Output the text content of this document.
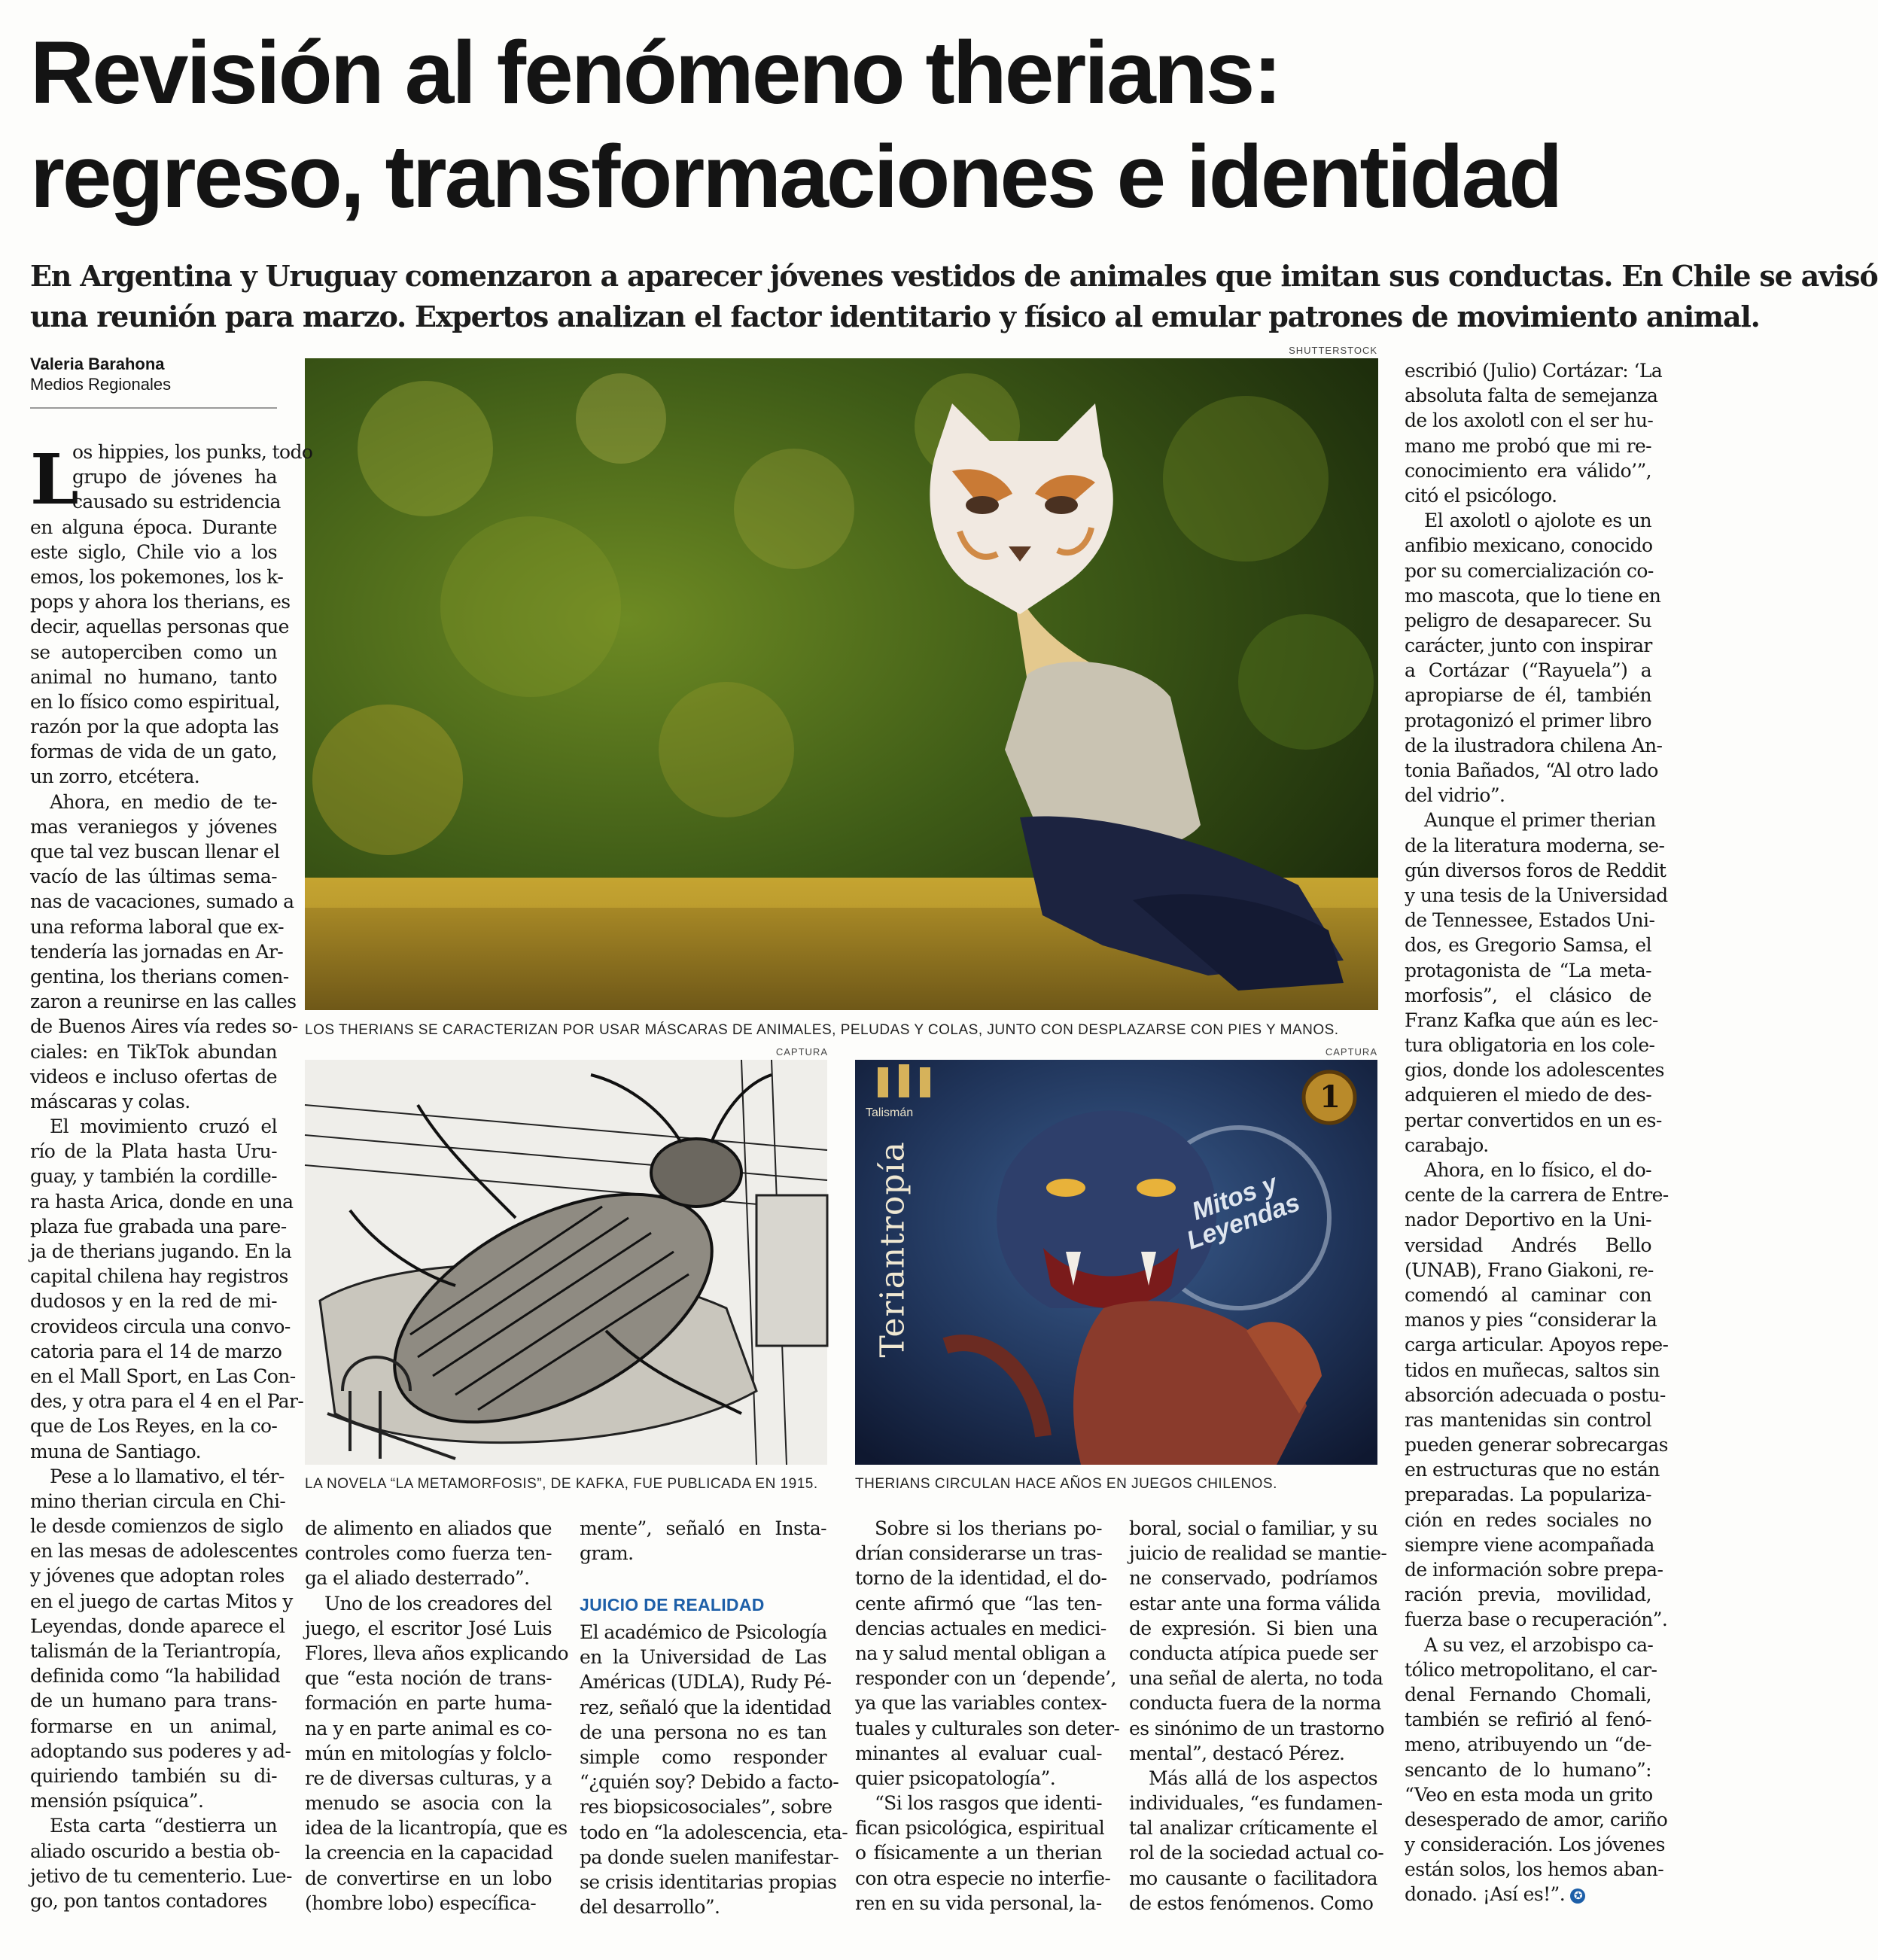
Revisión al fenómeno therians:
regreso, transformaciones e identidad
En Argentina y Uruguay comenzaron a aparecer jóvenes vestidos de animales que imitan sus conductas. En Chile se avisó
una reunión para marzo. Expertos analizan el factor identitario y físico al emular patrones de movimiento animal.
Valeria Barahona
Medios Regionales
SHUTTERSTOCK
LOS THERIANS SE CARACTERIZAN POR USAR MÁSCARAS DE ANIMALES, PELUDAS Y COLAS, JUNTO CON DESPLAZARSE CON PIES Y MANOS.
CAPTURA
LA NOVELA “LA METAMORFOSIS”, DE KAFKA, FUE PUBLICADA EN 1915.
CAPTURA
Talismán	1
Teriantropía	Mitos y Leyendas
THERIANS CIRCULAN HACE AÑOS EN JUEGOS CHILENOS.
L
os hippies, los punks, todo
grupo de jóvenes ha
causado su estridencia
en alguna época. Durante
este siglo, Chile vio a los
emos, los pokemones, los k-
pops y ahora los therians, es
decir, aquellas personas que
se autoperciben como un
animal no humano, tanto
en lo físico como espiritual,
razón por la que adopta las
formas de vida de un gato,
un zorro, etcétera.
Ahora, en medio de te-
mas veraniegos y jóvenes
que tal vez buscan llenar el
vacío de las últimas sema-
nas de vacaciones, sumado a
una reforma laboral que ex-
tendería las jornadas en Ar-
gentina, los therians comen-
zaron a reunirse en las calles
de Buenos Aires vía redes so-
ciales: en TikTok abundan
videos e incluso ofertas de
máscaras y colas.
El movimiento cruzó el
río de la Plata hasta Uru-
guay, y también la cordille-
ra hasta Arica, donde en una
plaza fue grabada una pare-
ja de therians jugando. En la
capital chilena hay registros
dudosos y en la red de mi-
crovideos circula una convo-
catoria para el 14 de marzo
en el Mall Sport, en Las Con-
des, y otra para el 4 en el Par-
que de Los Reyes, en la co-
muna de Santiago.
Pese a lo llamativo, el tér-
mino therian circula en Chi-
le desde comienzos de siglo
en las mesas de adolescentes
y jóvenes que adoptan roles
en el juego de cartas Mitos y
Leyendas, donde aparece el
talismán de la Teriantropía,
definida como “la habilidad
de un humano para trans-
formarse en un animal,
adoptando sus poderes y ad-
quiriendo también su di-
mensión psíquica”.
Esta carta “destierra un
aliado oscurido a bestia ob-
jetivo de tu cementerio. Lue-
go, pon tantos contadores
de alimento en aliados que
controles como fuerza ten-
ga el aliado desterrado”.
Uno de los creadores del
juego, el escritor José Luis
Flores, lleva años explicando
que “esta noción de trans-
formación en parte huma-
na y en parte animal es co-
mún en mitologías y folclo-
re de diversas culturas, y a
menudo se asocia con la
idea de la licantropía, que es
la creencia en la capacidad
de convertirse en un lobo
(hombre lobo) específica-
mente”, señaló en Insta-
gram.
JUICIO DE REALIDAD
El académico de Psicología
en la Universidad de Las
Américas (UDLA), Rudy Pé-
rez, señaló que la identidad
de una persona no es tan
simple como responder
“¿quién soy? Debido a facto-
res biopsicosociales”, sobre
todo en “la adolescencia, eta-
pa donde suelen manifestar-
se crisis identitarias propias
del desarrollo”.
Sobre si los therians po-
drían considerarse un tras-
torno de la identidad, el do-
cente afirmó que “las ten-
dencias actuales en medici-
na y salud mental obligan a
responder con un ‘depende’,
ya que las variables contex-
tuales y culturales son deter-
minantes al evaluar cual-
quier psicopatología”.
“Si los rasgos que identi-
fican psicológica, espiritual
o físicamente a un therian
con otra especie no interfie-
ren en su vida personal, la-
boral, social o familiar, y su
juicio de realidad se mantie-
ne conservado, podríamos
estar ante una forma válida
de expresión. Si bien una
conducta atípica puede ser
una señal de alerta, no toda
conducta fuera de la norma
es sinónimo de un trastorno
mental”, destacó Pérez.
Más allá de los aspectos
individuales, “es fundamen-
tal analizar críticamente el
rol de la sociedad actual co-
mo causante o facilitadora
de estos fenómenos. Como
escribió (Julio) Cortázar: ‘La
absoluta falta de semejanza
de los axolotl con el ser hu-
mano me probó que mi re-
conocimiento era válido’”,
citó el psicólogo.
El axolotl o ajolote es un
anfibio mexicano, conocido
por su comercialización co-
mo mascota, que lo tiene en
peligro de desaparecer. Su
carácter, junto con inspirar
a Cortázar (“Rayuela”) a
apropiarse de él, también
protagonizó el primer libro
de la ilustradora chilena An-
tonia Bañados, “Al otro lado
del vidrio”.
Aunque el primer therian
de la literatura moderna, se-
gún diversos foros de Reddit
y una tesis de la Universidad
de Tennessee, Estados Uni-
dos, es Gregorio Samsa, el
protagonista de “La meta-
morfosis”, el clásico de
Franz Kafka que aún es lec-
tura obligatoria en los cole-
gios, donde los adolescentes
adquieren el miedo de des-
pertar convertidos en un es-
carabajo.
Ahora, en lo físico, el do-
cente de la carrera de Entre-
nador Deportivo en la Uni-
versidad Andrés Bello
(UNAB), Frano Giakoni, re-
comendó al caminar con
manos y pies “considerar la
carga articular. Apoyos repe-
tidos en muñecas, saltos sin
absorción adecuada o postu-
ras mantenidas sin control
pueden generar sobrecargas
en estructuras que no están
preparadas. La populariza-
ción en redes sociales no
siempre viene acompañada
de información sobre prepa-
ración previa, movilidad,
fuerza base o recuperación”.
A su vez, el arzobispo ca-
tólico metropolitano, el car-
denal Fernando Chomali,
también se refirió al fenó-
meno, atribuyendo un “de-
sencanto de lo humano”:
“Veo en esta moda un grito
desesperado de amor, cariño
y consideración. Los jóvenes
están solos, los hemos aban-
donado. ¡Así es!”. ✪
